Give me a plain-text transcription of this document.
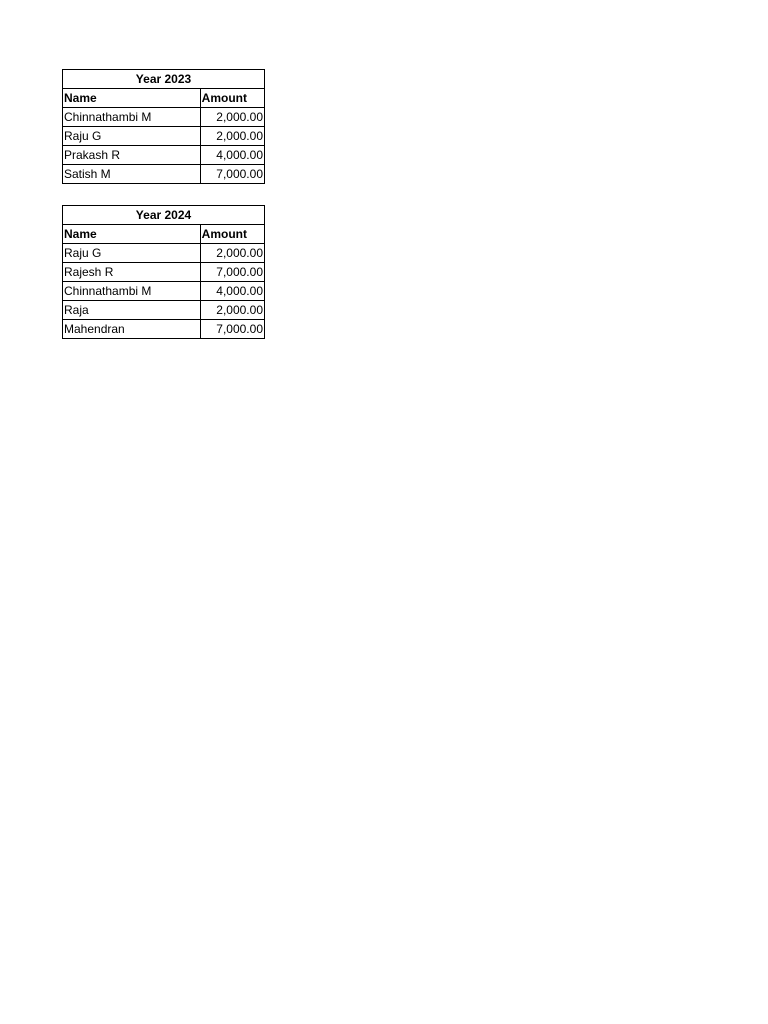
Year 2023	
Name	Amount
Chinnathambi M	2,000.00
Raju G	2,000.00
Prakash R	4,000.00
Satish M	7,000.00
Year 2024	
Name	Amount
Raju G	2,000.00
Rajesh R	7,000.00
Chinnathambi M	4,000.00
Raja	2,000.00
Mahendran	7,000.00
